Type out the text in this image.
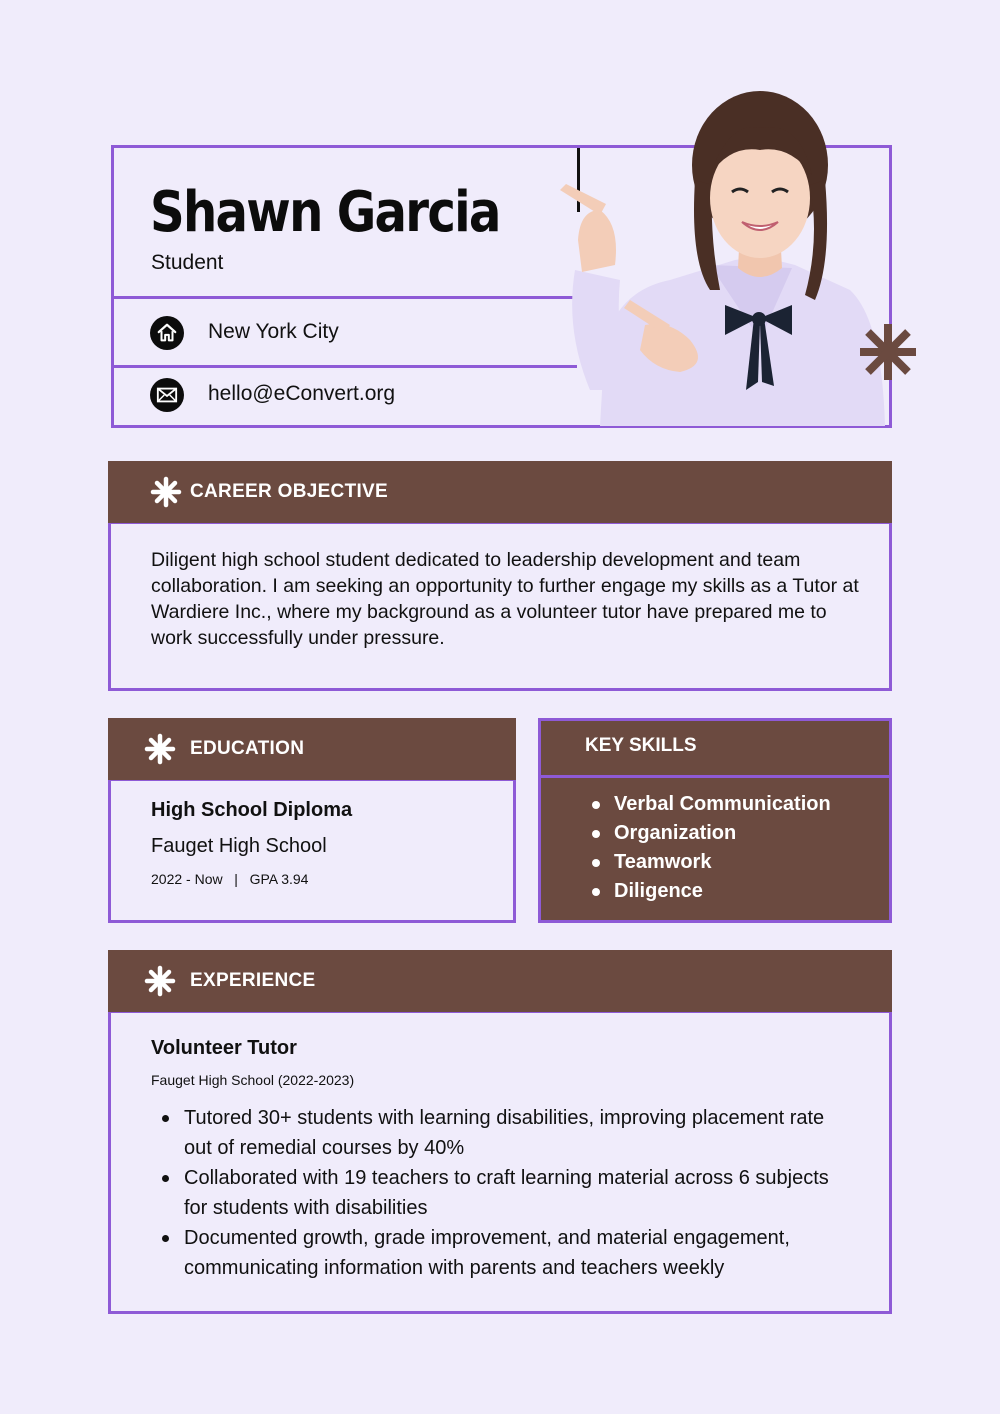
Shawn Garcia
Student
New York City
hello@eConvert.org
CAREER OBJECTIVE
Diligent high school student dedicated to leadership development and team collaboration. I am seeking an opportunity to further engage my skills as a Tutor at Wardiere Inc., where my background as a volunteer tutor have prepared me to work successfully under pressure.
EDUCATION
High School Diploma
Fauget High School
2022 - Now   |   GPA 3.94
KEY SKILLS
Verbal Communication
Organization
Teamwork
Diligence
EXPERIENCE
Volunteer Tutor
Fauget High School (2022-2023)
Tutored 30+ students with learning disabilities, improving placement rate out of remedial courses by 40%
Collaborated with 19 teachers to craft learning material across 6 subjects for students with disabilities
Documented growth, grade improvement, and material engagement, communicating information with parents and teachers weekly
